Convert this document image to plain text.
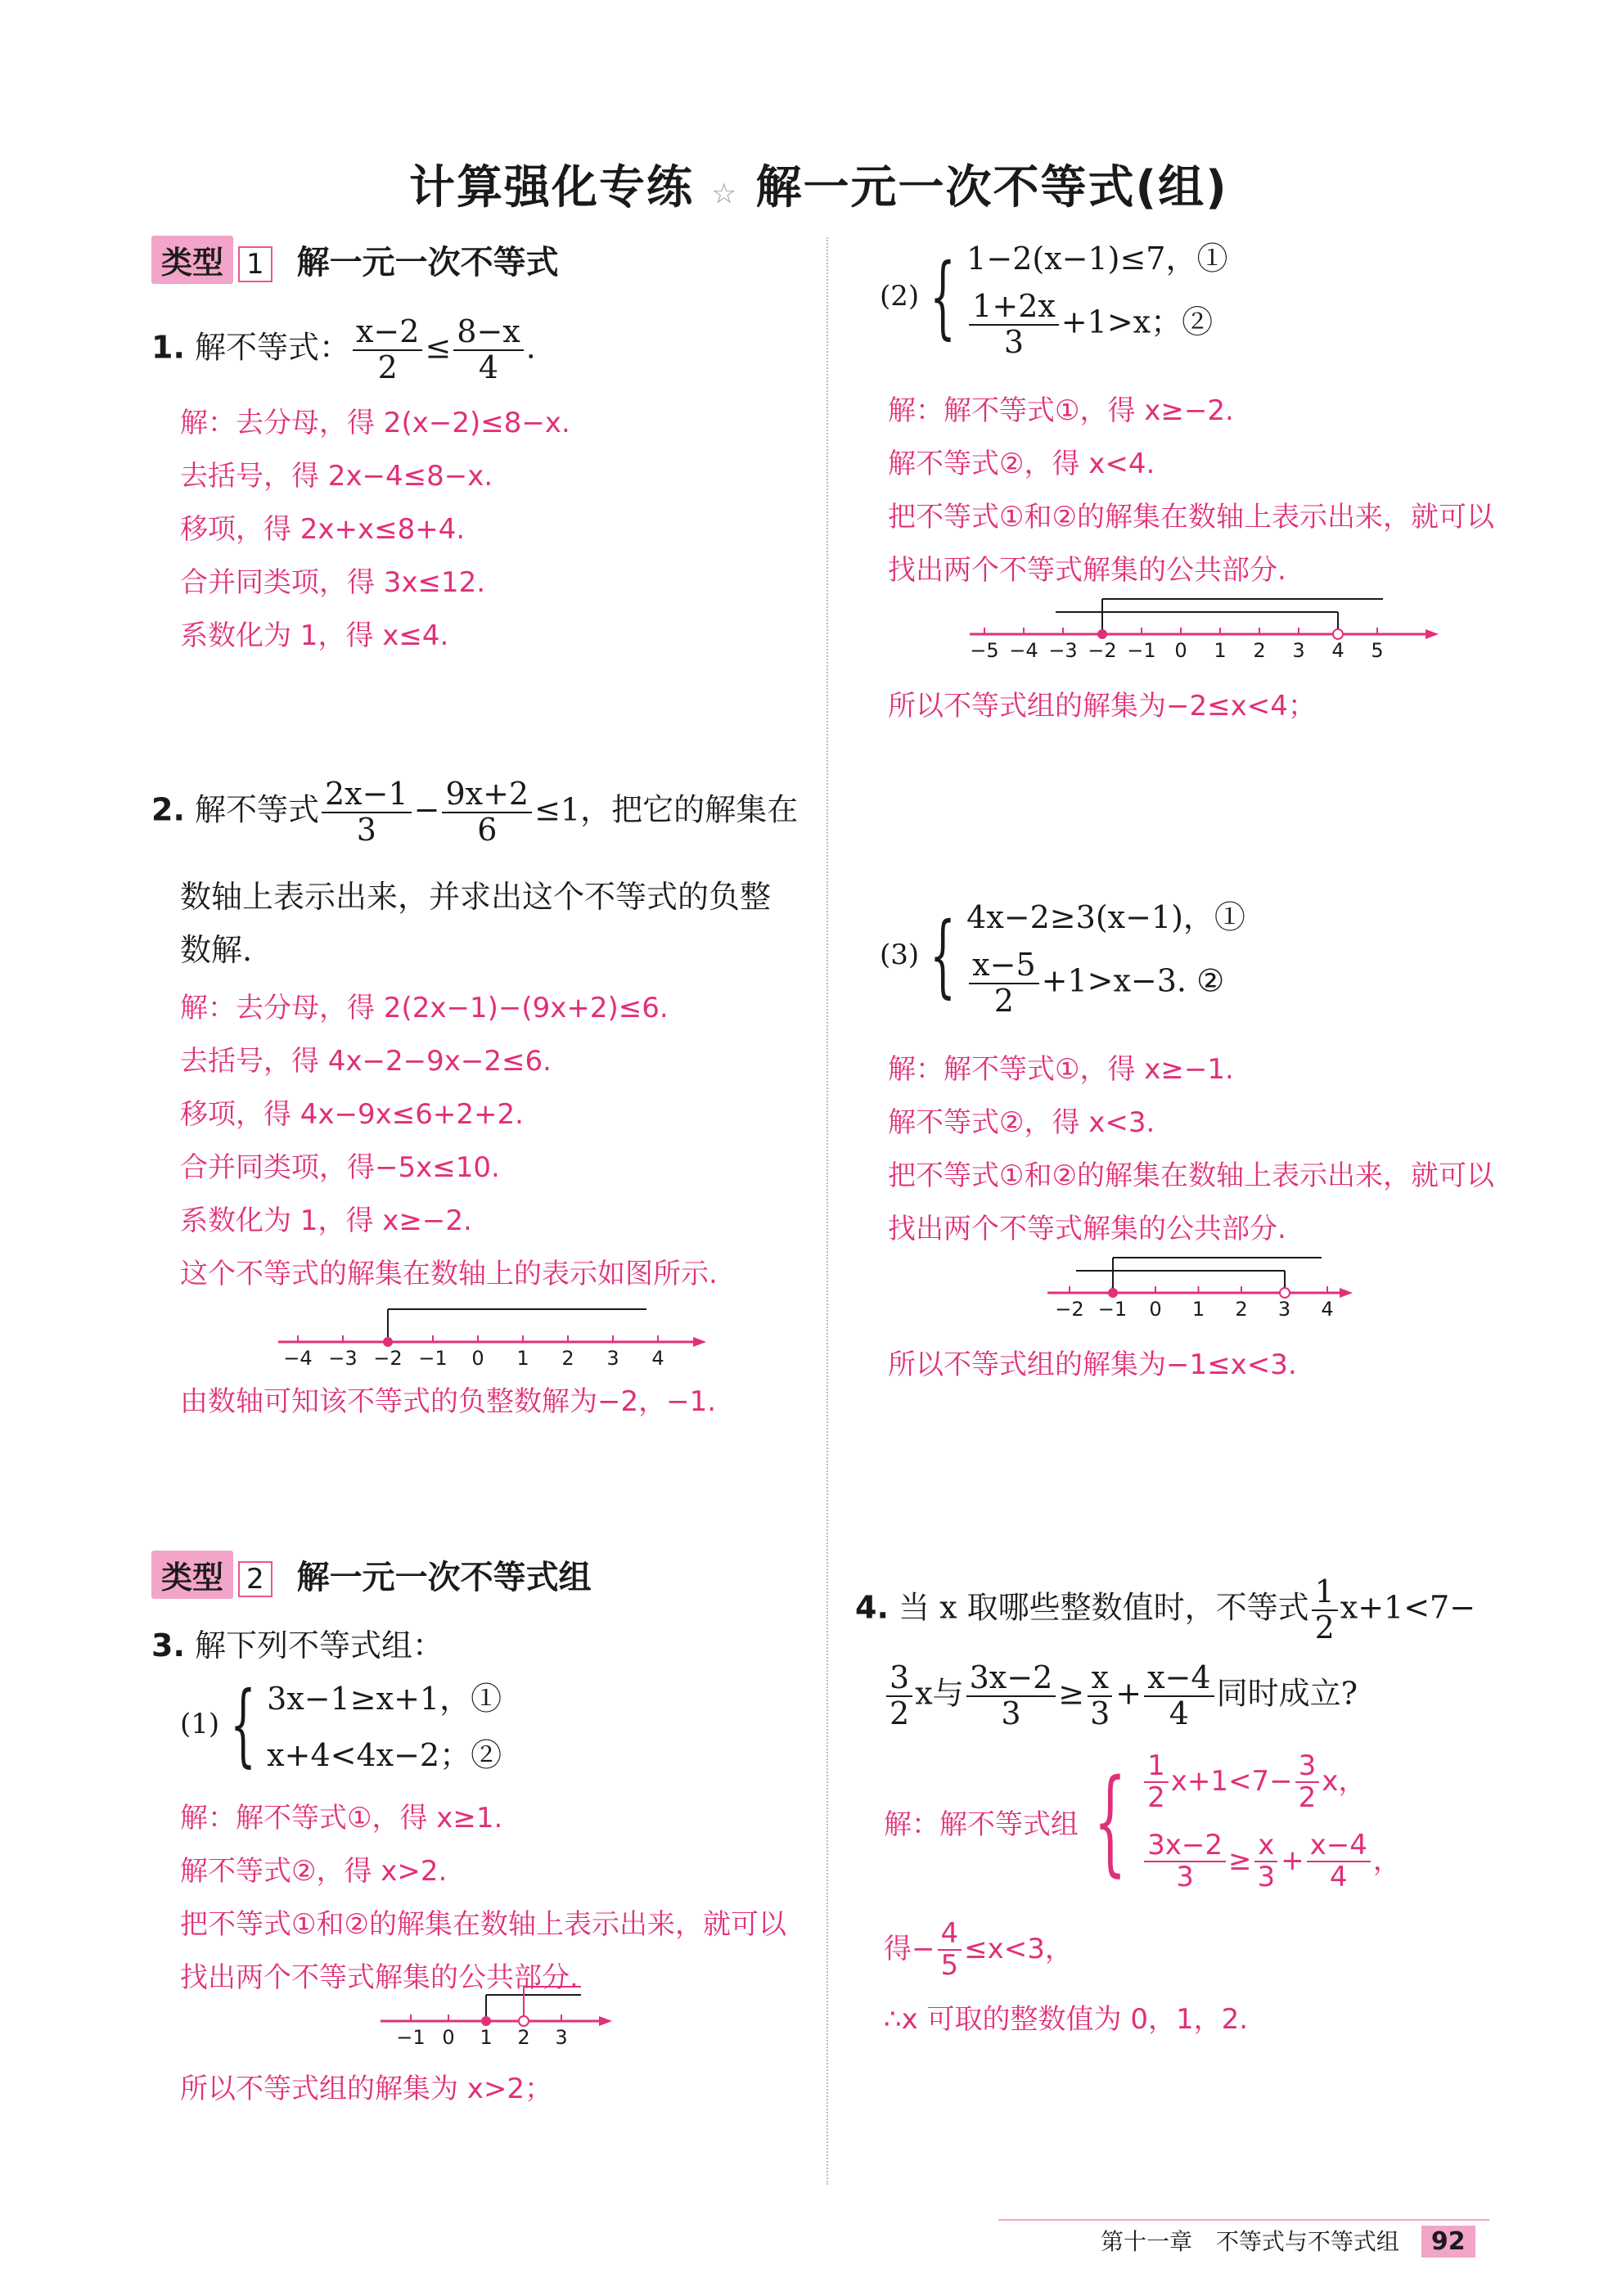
计算强化专练 ☆ 解一元一次不等式(组)
类型 1 解一元一次不等式
1. 解不等式： $\frac{x-2}{2} \le \frac{8-x}{4}$ .
解：去分母，得 2(x−2)≤8−x.
去括号，得 2x−4≤8−x.
移项，得 2x+x≤8+4.
合并同类项，得 3x≤12.
系数化为 1，得 x≤4.
2. 解不等式 $\frac{2x-1}{3} - \frac{9x+2}{6} \le 1$，把它的解集在
数轴上表示出来，并求出这个不等式的负整
数解.
解：去分母，得 2(2x−1)−(9x+2)≤6.
去括号，得 4x−2−9x−2≤6.
移项，得 4x−9x≤6+2+2.
合并同类项，得−5x≤10.
系数化为 1，得 x≥−2.
这个不等式的解集在数轴上的表示如图所示.
−4 −3 −2 −1 0 1 2 3 4
由数轴可知该不等式的负整数解为−2，−1.
类型 2 解一元一次不等式组
3. 解下列不等式组：
(1) { 3x−1≥x+1，①
x+4<4x−2；②
解：解不等式①，得 x≥1.
解不等式②，得 x>2.
把不等式①和②的解集在数轴上表示出来，就可以
找出两个不等式解集的公共部分.
−1 0 1 2 3
所以不等式组的解集为 x>2；
(2) { 1−2(x−1)≤7，①
$\frac{1+2x}{3} +1>x$；②
解：解不等式①，得 x≥−2.
解不等式②，得 x<4.
把不等式①和②的解集在数轴上表示出来，就可以
找出两个不等式解集的公共部分.
−5 −4 −3 −2 −1 0 1 2 3 4 5
所以不等式组的解集为−2≤x<4；
(3) { 4x−2≥3(x−1)，①
$\frac{x-5}{2} +1>x-3$. ②
解：解不等式①，得 x≥−1.
解不等式②，得 x<3.
把不等式①和②的解集在数轴上表示出来，就可以
找出两个不等式解集的公共部分.
−2 −1 0 1 2 3 4
所以不等式组的解集为−1≤x<3.
4. 当 x 取哪些整数值时，不等式 $\frac{1}{2} x+1<7-$
$\frac{3}{2}$ x与 $\frac{3x-2}{3} \ge \frac{x}{3} + \frac{x-4}{4}$ 同时成立?
解：解不等式组 { $\frac{1}{2} x+1<7- \frac{3}{2}$ x，
$\frac{3x-2}{3} \ge \frac{x}{3} + \frac{x-4}{4}$ ，
得− $\frac{4}{5} \le x<3$，
∴x 可取的整数值为 0，1，2.
第十一章 不等式与不等式组 92
